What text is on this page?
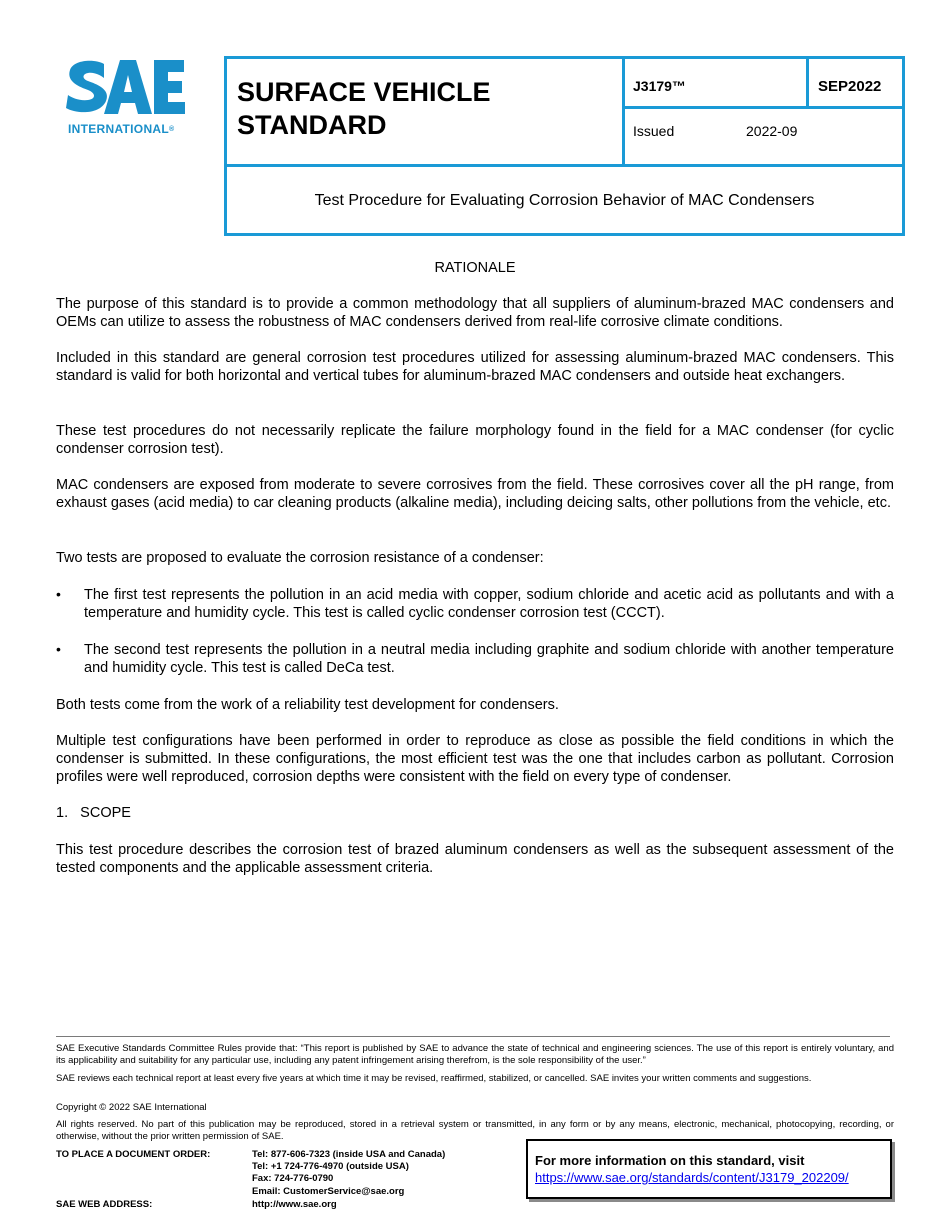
INTERNATIONAL®
SURFACE VEHICLE
STANDARD
J3179™	SEP2022
Issued	2022-09
Test Procedure for Evaluating Corrosion Behavior of MAC Condensers
RATIONALE
The purpose of this standard is to provide a common methodology that all suppliers of aluminum-brazed MAC condensers and OEMs can utilize to assess the robustness of MAC condensers derived from real-life corrosive climate conditions.
Included in this standard are general corrosion test procedures utilized for assessing aluminum-brazed MAC condensers. This standard is valid for both horizontal and vertical tubes for aluminum-brazed MAC condensers and outside heat exchangers.
These test procedures do not necessarily replicate the failure morphology found in the field for a MAC condenser (for cyclic condenser corrosion test).
MAC condensers are exposed from moderate to severe corrosives from the field. These corrosives cover all the pH range, from exhaust gases (acid media) to car cleaning products (alkaline media), including deicing salts, other pollutions from the vehicle, etc.
Two tests are proposed to evaluate the corrosion resistance of a condenser:
• The first test represents the pollution in an acid media with copper, sodium chloride and acetic acid as pollutants and with a temperature and humidity cycle. This test is called cyclic condenser corrosion test (CCCT).
• The second test represents the pollution in a neutral media including graphite and sodium chloride with another temperature and humidity cycle. This test is called DeCa test.
Both tests come from the work of a reliability test development for condensers.
Multiple test configurations have been performed in order to reproduce as close as possible the field conditions in which the condenser is submitted. In these configurations, the most efficient test was the one that includes carbon as pollutant. Corrosion profiles were well reproduced, corrosion depths were consistent with the field on every type of condenser.
1.   SCOPE
This test procedure describes the corrosion test of brazed aluminum condensers as well as the subsequent assessment of the tested components and the applicable assessment criteria.
SAE Executive Standards Committee Rules provide that: “This report is published by SAE to advance the state of technical and engineering sciences. The use of this report is entirely voluntary, and its applicability and suitability for any particular use, including any patent infringement arising therefrom, is the sole responsibility of the user.”
SAE reviews each technical report at least every five years at which time it may be revised, reaffirmed, stabilized, or cancelled. SAE invites your written comments and suggestions.
Copyright © 2022 SAE International
All rights reserved. No part of this publication may be reproduced, stored in a retrieval system or transmitted, in any form or by any means, electronic, mechanical, photocopying, recording, or otherwise, without the prior written permission of SAE.
TO PLACE A DOCUMENT ORDER:	Tel: 877-606-7323 (inside USA and Canada)
Tel: +1 724-776-4970 (outside USA)
Fax: 724-776-0790
Email: CustomerService@sae.org
SAE WEB ADDRESS:	http://www.sae.org
For more information on this standard, visit
https://www.sae.org/standards/content/J3179_202209/
